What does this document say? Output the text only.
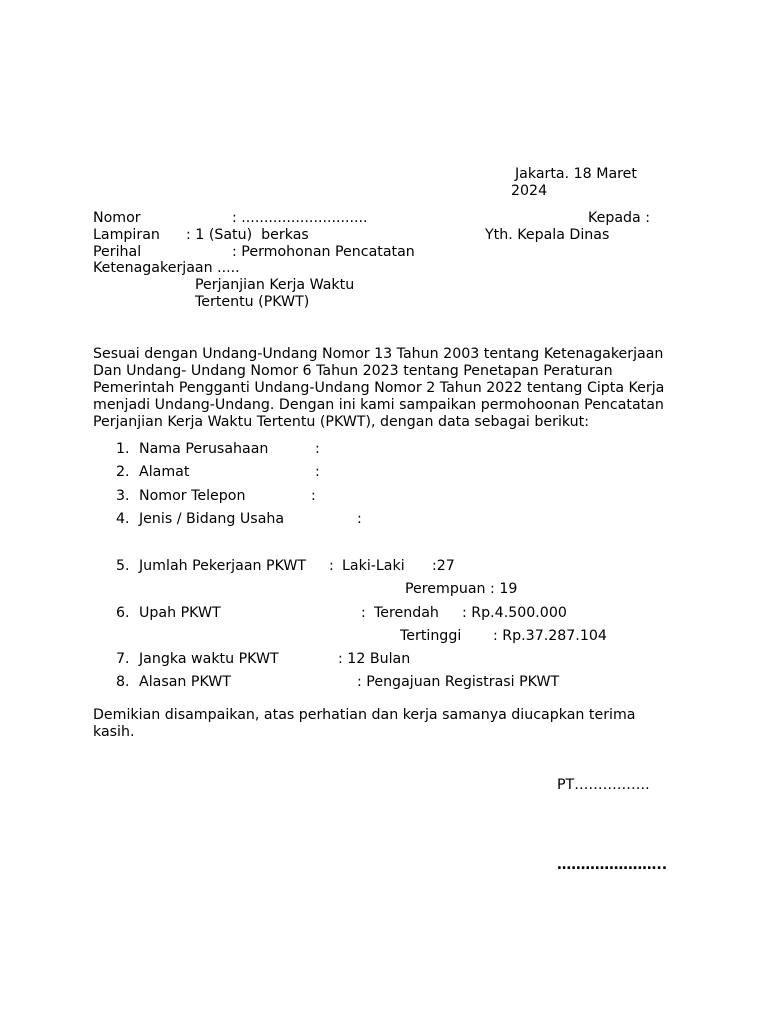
Jakarta. 18 Maret
2024
Nomor	: ............................	Kepada :
Lampiran : 1 (Satu)  berkas	Yth. Kepala Dinas
Perihal	: Permohonan Pencatatan
Ketenagakerjaan .....
Perjanjian Kerja Waktu
Tertentu (PKWT)
Sesuai dengan Undang-Undang Nomor 13 Tahun 2003 tentang Ketenagakerjaan
Dan Undang- Undang Nomor 6 Tahun 2023 tentang Penetapan Peraturan
Pemerintah Pengganti Undang-Undang Nomor 2 Tahun 2022 tentang Cipta Kerja
menjadi Undang-Undang. Dengan ini kami sampaikan permohoonan Pencatatan
Perjanjian Kerja Waktu Tertentu (PKWT), dengan data sebagai berikut:
1. Nama Perusahaan	:
2. Alamat	:
3. Nomor Telepon	:
4. Jenis / Bidang Usaha	:
5. Jumlah Pekerjaan PKWT : Laki-Laki :27
Perempuan : 19
6. Upah PKWT	: Terendah : Rp.4.500.000
Tertinggi : Rp.37.287.104
7. Jangka waktu PKWT	: 12 Bulan
8. Alasan PKWT	: Pengajuan Registrasi PKWT
Demikian disampaikan, atas perhatian dan kerja samanya diucapkan terima
kasih.
PT…………….
…………………..
